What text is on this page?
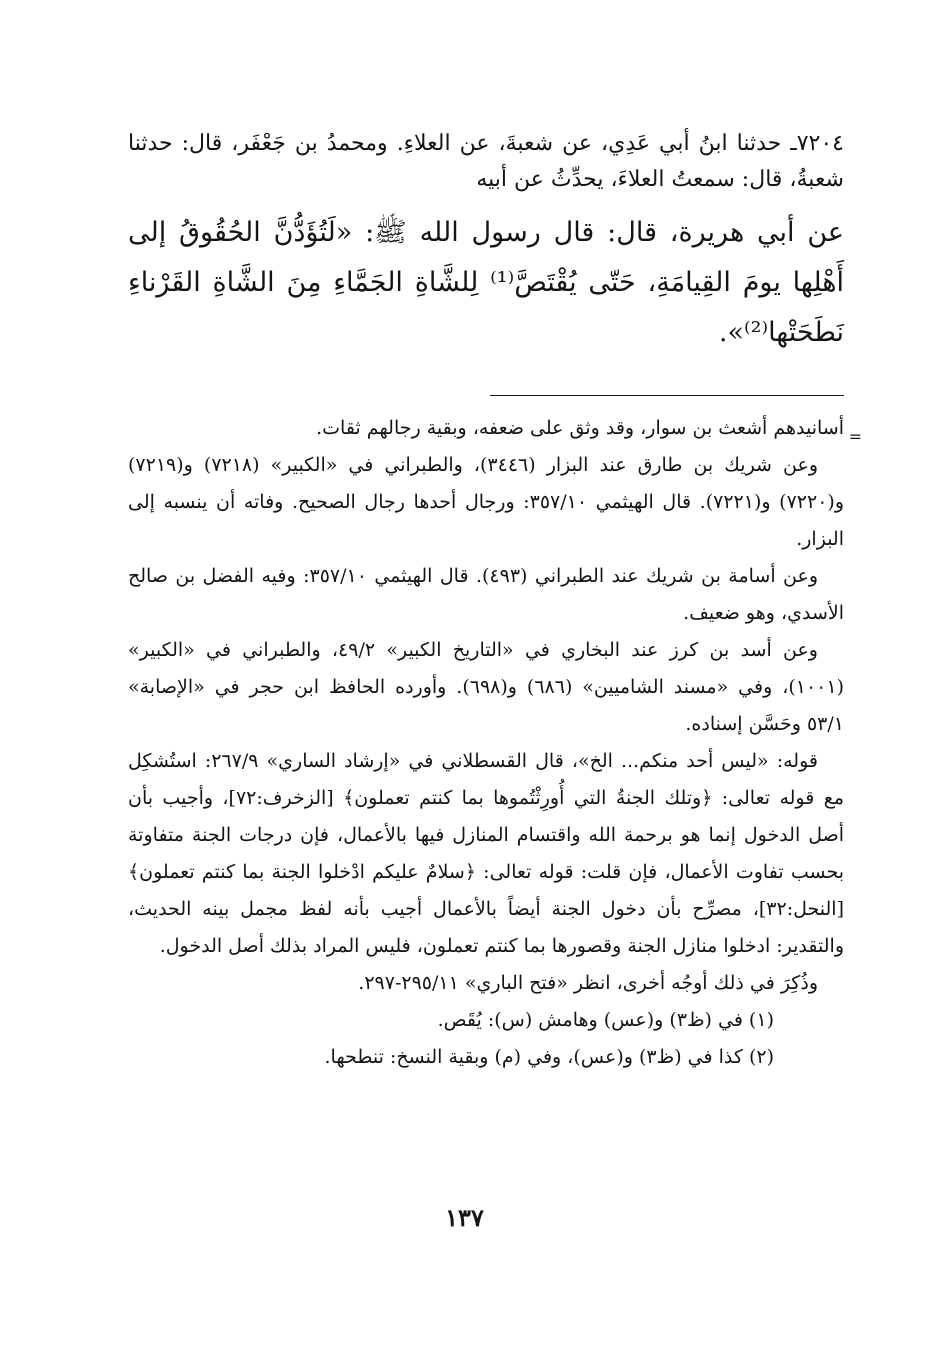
٧٢٠٤ـ حدثنا ابنُ أبي عَدِي، عن شعبةَ، عن العلاءِ. ومحمدُ بن جَعْفَر، قال: حدثنا شعبةُ، قال: سمعتُ العلاءَ، يحدِّثُ عن أبيه

عن أبي هريرة، قال: قال رسول الله ﷺ: «لَتُؤَدُّنَّ الحُقُوقُ إلى أَهْلِها يومَ القِيامَةِ، حَتّى يُقْتَصَّ⁽¹⁾ لِلشَّاةِ الجَمَّاءِ مِنَ الشَّاةِ القَرْناءِ نَطَحَتْها⁽²⁾».

=

أسانيدهم أشعث بن سوار، وقد وثق على ضعفه، وبقية رجالهم ثقات.

وعن شريك بن طارق عند البزار (٣٤٤٦)، والطبراني في «الكبير» (٧٢١٨) و(٧٢١٩) و(٧٢٢٠) و(٧٢٢١). قال الهيثمي ٣٥٧/١٠: ورجال أحدها رجال الصحيح. وفاته أن ينسبه إلى البزار.

وعن أسامة بن شريك عند الطبراني (٤٩٣). قال الهيثمي ٣٥٧/١٠: وفيه الفضل بن صالح الأسدي، وهو ضعيف.

وعن أسد بن كرز عند البخاري في «التاريخ الكبير» ٤٩/٢، والطبراني في «الكبير» (١٠٠١)، وفي «مسند الشاميين» (٦٨٦) و(٦٩٨). وأورده الحافظ ابن حجر في «الإصابة» ٥٣/١ وحَسَّن إسناده.

قوله: «ليس أحد منكم... الخ»، قال القسطلاني في «إرشاد الساري» ٢٦٧/٩: استُشكِل مع قوله تعالى: ﴿وتلك الجنةُ التي أُورِثْتُموها بما كنتم تعملون﴾ [الزخرف:٧٢]، وأجيب بأن أصل الدخول إنما هو برحمة الله واقتسام المنازل فيها بالأعمال، فإن درجات الجنة متفاوتة بحسب تفاوت الأعمال، فإن قلت: قوله تعالى: ﴿سلامٌ عليكم ادْخلوا الجنة بما كنتم تعملون﴾ [النحل:٣٢]، مصرِّح بأن دخول الجنة أيضاً بالأعمال أجيب بأنه لفظ مجمل بينه الحديث، والتقدير: ادخلوا منازل الجنة وقصورها بما كنتم تعملون، فليس المراد بذلك أصل الدخول.

وذُكِرَ في ذلك أوجُه أخرى، انظر «فتح الباري» ٢٩٥/١١-٢٩٧.

(١) في (ظ٣) و(عس) وهامش (س): يُقَص.

(٢) كذا في (ظ٣) و(عس)، وفي (م) وبقية النسخ: تنطحها.

١٣٧
